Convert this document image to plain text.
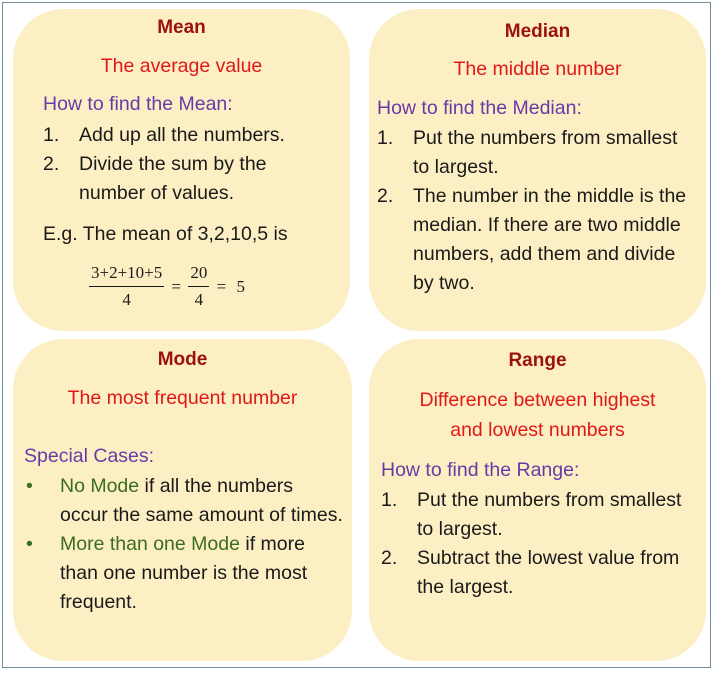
Mean
The average value
How to find the Mean:
1. Add up all the numbers.
2. Divide the sum by the number of values.
E.g. The mean of 3,2,10,5 is
$\frac{3+2+10+5}{4} = \frac{20}{4} = 5$
Median
The middle number
How to find the Median:
1. Put the numbers from smallest to largest.
2. The number in the middle is the median. If there are two middle numbers, add them and divide by two.
Mode
The most frequent number
Special Cases:
• No Mode if all the numbers occur the same amount of times.
• More than one Mode if more than one number is the most frequent.
Range
Difference between highest
and lowest numbers
How to find the Range:
1. Put the numbers from smallest to largest.
2. Subtract the lowest value from the largest.
